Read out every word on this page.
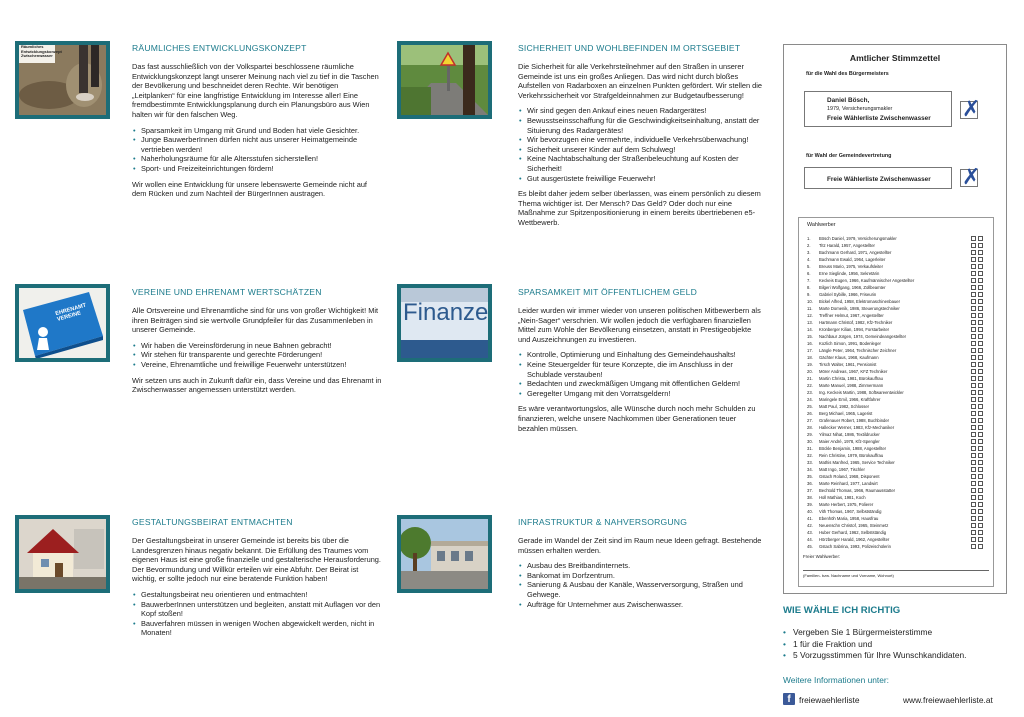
Räumliches Entwicklungskonzept Zwischenwasser
RÄUMLICHES ENTWICKLUNGSKONZEPT

Das fast ausschließlich von der Volkspartei beschlossene räumliche Entwicklungskonzept langt unserer Meinung nach viel zu tief in die Taschen der Bevölkerung und beschneidet deren Rechte. Wir benötigen „Leitplanken“ für eine langfristige Entwicklung im Interesse aller! Eine fremdbestimmte Entwicklungsplanung durch ein Planungsbüro aus Wien halten wir für den falschen Weg.

• Sparsamkeit im Umgang mit Grund und Boden hat viele Gesichter.
• Junge BauwerberInnen dürfen nicht aus unserer Heimatgemeinde vertrieben werden!
• Naherholungsräume für alle Altersstufen sicherstellen!
• Sport- und Freizeiteinrichtungen fördern!

Wir wollen eine Entwicklung für unsere lebenswerte Gemeinde nicht auf dem Rücken und zum Nachteil der BürgerInnen austragen.

SICHERHEIT UND WOHLBEFINDEN IM ORTSGEBIET

Die Sicherheit für alle Verkehrsteilnehmer auf den Straßen in unserer Gemeinde ist uns ein großes Anliegen. Das wird nicht durch bloßes Aufstellen von Radarboxen an einzelnen Punkten gefördert. Wir stellen die Verkehrssicherheit vor Strafgeldeinnahmen zur Budgetaufbesserung!

• Wir sind gegen den Ankauf eines neuen Radargerätes!
• Bewusstseinsschaffung für die Geschwindigkeitseinhaltung, anstatt der Situierung des Radargerätes!
• Wir bevorzugen eine vermehrte, individuelle Verkehrsüberwachung!
• Sicherheit unserer Kinder auf dem Schulweg!
• Keine Nachtabschaltung der Straßenbeleuchtung auf Kosten der Sicherheit!
• Gut ausgerüstete freiwillige Feuerwehr!

Es bleibt daher jedem selber überlassen, was einem persönlich zu diesem Thema wichtiger ist. Der Mensch? Das Geld? Oder doch nur eine Maßnahme zur Spitzenpositionierung in einem bereits übertriebenen e5-Wettbewerb.

EHRENAMT VEREINE
VEREINE UND EHRENAMT WERTSCHÄTZEN

Alle Ortsvereine und Ehrenamtliche sind für uns von großer Wichtigkeit! Mit ihren Beiträgen sind sie wertvolle Grundpfeiler für das Zusammenleben in unserer Gemeinde.

• Wir haben die Vereinsförderung in neue Bahnen gebracht!
• Wir stehen für transparente und gerechte Förderungen!
• Vereine, Ehrenamtliche und freiwillige Feuerwehr unterstützen!

Wir setzen uns auch in Zukunft dafür ein, dass Vereine und das Ehrenamt in Zwischenwasser angemessen unterstützt werden.

Finanze
SPARSAMKEIT MIT ÖFFENTLICHEM GELD

Leider wurden wir immer wieder von unseren politischen Mitbewerbern als „Nein-Sager“ verschrien. Wir wollen jedoch die verfügbaren finanziellen Mittel zum Wohle der Bevölkerung einsetzen, anstatt in Prestigeobjekte und Auszeichnungen zu investieren.

• Kontrolle, Optimierung und Einhaltung des Gemeindehaushalts!
• Keine Steuergelder für teure Konzepte, die im Anschluss in der Schublade verstauben!
• Bedachten und zweckmäßigen Umgang mit öffentlichen Geldern!
• Geregelter Umgang mit den Vorratsgeldern!

Es wäre verantwortungslos, alle Wünsche durch noch mehr Schulden zu finanzieren, welche unsere Nachkommen über Generationen teuer bezahlen müssen.

GESTALTUNGSBEIRAT ENTMACHTEN

Der Gestaltungsbeirat in unserer Gemeinde ist bereits bis über die Landesgrenzen hinaus negativ bekannt. Die Erfüllung des Traumes vom eigenen Haus ist eine große finanzielle und gestalterische Herausforderung. Der Bevormundung und Willkür erteilen wir eine Abfuhr. Der Beirat ist wichtig, er sollte jedoch nur eine beratende Funktion haben!

• Gestaltungsbeirat neu orientieren und entmachten!
• BauwerberInnen unterstützen und begleiten, anstatt mit Auflagen vor den Kopf stoßen!
• Bauverfahren müssen in wenigen Wochen abgewickelt werden, nicht in Monaten!
INFRASTRUKTUR & NAHVERSORGUNG

Gerade im Wandel der Zeit sind im Raum neue Ideen gefragt. Bestehende müssen erhalten werden.

• Ausbau des Breitbandinternets.
• Bankomat im Dorfzentrum.
• Sanierung & Ausbau der Kanäle, Wasserversorgung, Straßen und Gehwege.
• Aufträge für Unternehmer aus Zwischenwasser.
Amtlicher Stimmzettel
für die Wahl des Bürgermeisters
Daniel Bösch,
1979, Versicherungsmakler
Freie Wählerliste Zwischenwasser ✗
für Wahl der Gemeindevertretung
Freie Wählerliste Zwischenwasser ✗
Wahlwerber
1. Bösch Daniel, 1979, Versicherungsmakler
2. Titz Harald, 1957, Angestellter
3. Bachmann Gerhard, 1971, Angestellter
4. Bachmann Ewald, 1964, Lagerleiter
5. Breuss Mario, 1975, Verkaufsleiter
6. Erne Sieglinde, 1956, Sekretärin
7. Keckeis Eugen, 1966, Kaufmännischer Angestellter
8. Bilgeri Wolfgang, 1966, Zollbeamter
9. Gabriel Sybille, 1966, Friseurin
10. Bickel Alfred, 1958, Elektromaschinenbauer
11. Marte Domenik, 1986, Steuerungstechniker
12. Treffner Helmut, 1967, Angestellter
13. Hartmann Christof, 1982, Kfz-Techniker
14. Kronberger Kilian, 1994, Forstarbeiter
15. Nachbaur Jürgen, 1974, Gemeindeangestellter
16. Kozlich Simon, 1991, Bodenleger
17. Längle Peter, 1964, Technischer Zeichner
18. Gächter Klaus, 1968, Kaufmann
19. Tirsch Walter, 1961, Pensionist
20. Mörer Andreas, 1967, KFZ Techniker
21. Martin Christa, 1981, Bürokauffrau
22. Marte Manuel, 1988, Zimmermann
23. Ing. Keckeis Martin, 1988, Softwareentwickler
24. Maringele Emil, 1966, Kraftfahrer
25. Matt Paul, 1982, Schlosser
26. Berg Michael, 1965, Lagerist
27. Grafenauer Robert, 1988, Buchbinder
28. Hallecker Werner, 1983, Kfz-Mechaniker
29. Yilmaz Nihat, 1986, Textildrucker
30. Maier André, 1978, Kfz-Spengler
31. Böckle Benjamin, 1988, Angestellter
32. Rein Christine, 1979, Bürokauffrau
33. Mathis Manfred, 1965, Service Techniker
34. Matt Ingo, 1967, Tischler
35. Gstach Roland, 1968, Disponent
36. Marte Reinhard, 1977, Landwirt
37. Bechtold Thomas, 1966, Raumausstatter
38. Holl Mathias, 1981, Koch
39. Marte Herbert, 1975, Polierer
40. Vith Thomas, 1967, Selbstständig
41. Ebenhöh Maria, 1958, Hausfrau
42. Neuenschn Christof, 1965, Steinmetz
43. Huber Gerhard, 1962, Selbstständig
44. Hörzberger Harald, 1962, Angestellter
45. Gstach Sabrina, 1993, Polizeischülerin
Freier Wahlwerber:
(Familien- bzw. Nachname und Vorname, Wohnort)
WIE WÄHLE ICH RICHTIG
• Vergeben Sie 1 Bürgermeisterstimme
• 1 für die Fraktion und
• 5 Vorzugsstimmen für Ihre Wunschkandidaten.
Weitere Informationen unter:
f freiewaehlerliste	www.freiewaehlerliste.at
